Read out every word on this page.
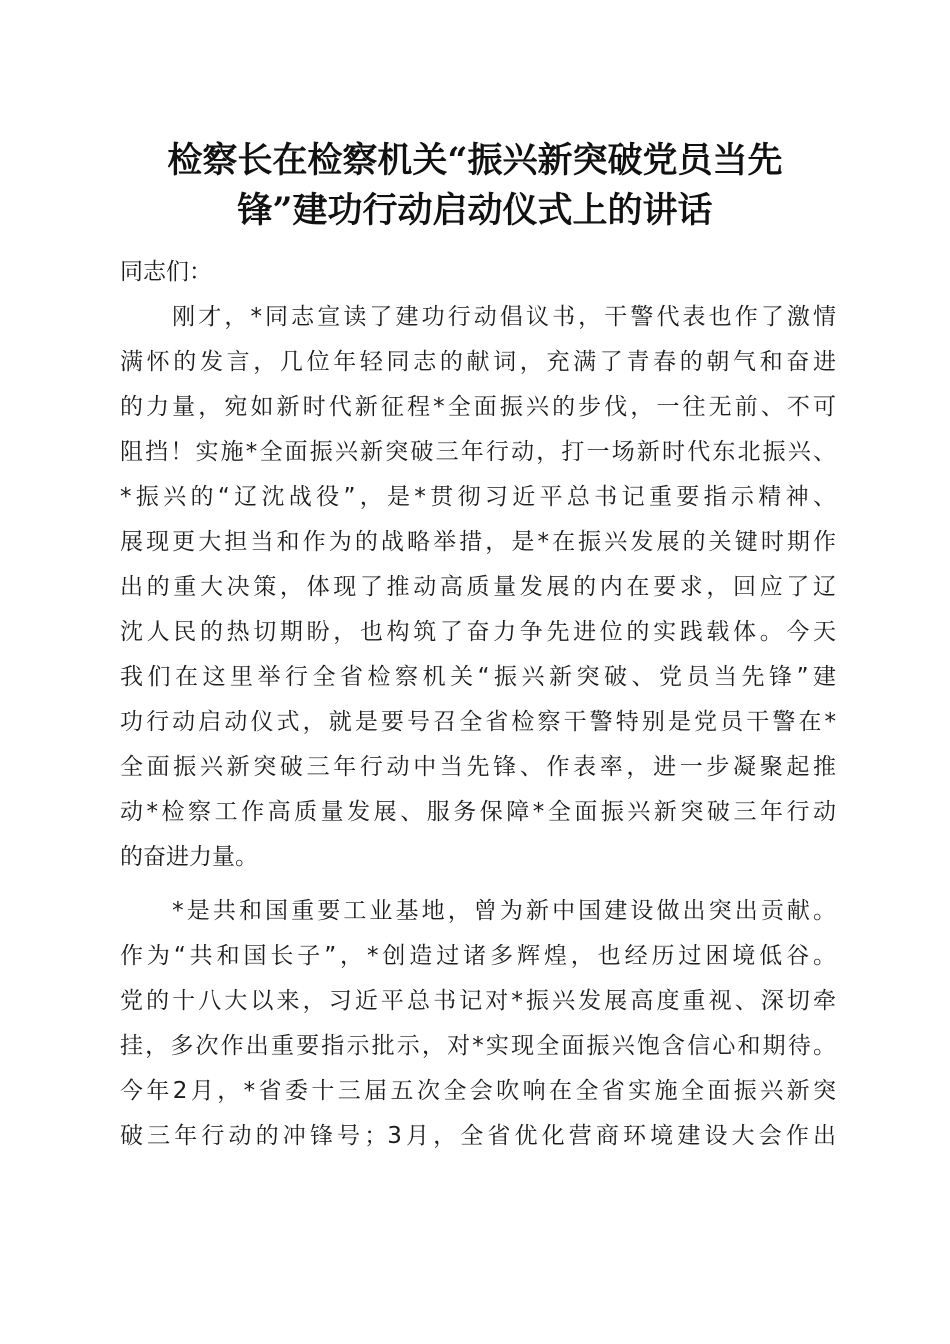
检察长在检察机关“振兴新突破党员当先
锋”建功行动启动仪式上的讲话
同志们：
　　刚才，*同志宣读了建功行动倡议书，干警代表也作了激情
满怀的发言，几位年轻同志的献词，充满了青春的朝气和奋进
的力量，宛如新时代新征程*全面振兴的步伐，一往无前、不可
阻挡！实施*全面振兴新突破三年行动，打一场新时代东北振兴、
*振兴的“辽沈战役”，是*贯彻习近平总书记重要指示精神、
展现更大担当和作为的战略举措，是*在振兴发展的关键时期作
出的重大决策，体现了推动高质量发展的内在要求，回应了辽
沈人民的热切期盼，也构筑了奋力争先进位的实践载体。今天
我们在这里举行全省检察机关“振兴新突破、党员当先锋”建
功行动启动仪式，就是要号召全省检察干警特别是党员干警在*
全面振兴新突破三年行动中当先锋、作表率，进一步凝聚起推
动*检察工作高质量发展、服务保障*全面振兴新突破三年行动
的奋进力量。
　　*是共和国重要工业基地，曾为新中国建设做出突出贡献。
作为“共和国长子”，*创造过诸多辉煌，也经历过困境低谷。
党的十八大以来，习近平总书记对*振兴发展高度重视、深切牵
挂，多次作出重要指示批示，对*实现全面振兴饱含信心和期待。
今年2月，*省委十三届五次全会吹响在全省实施全面振兴新突
破三年行动的冲锋号；3月，全省优化营商环境建设大会作出
